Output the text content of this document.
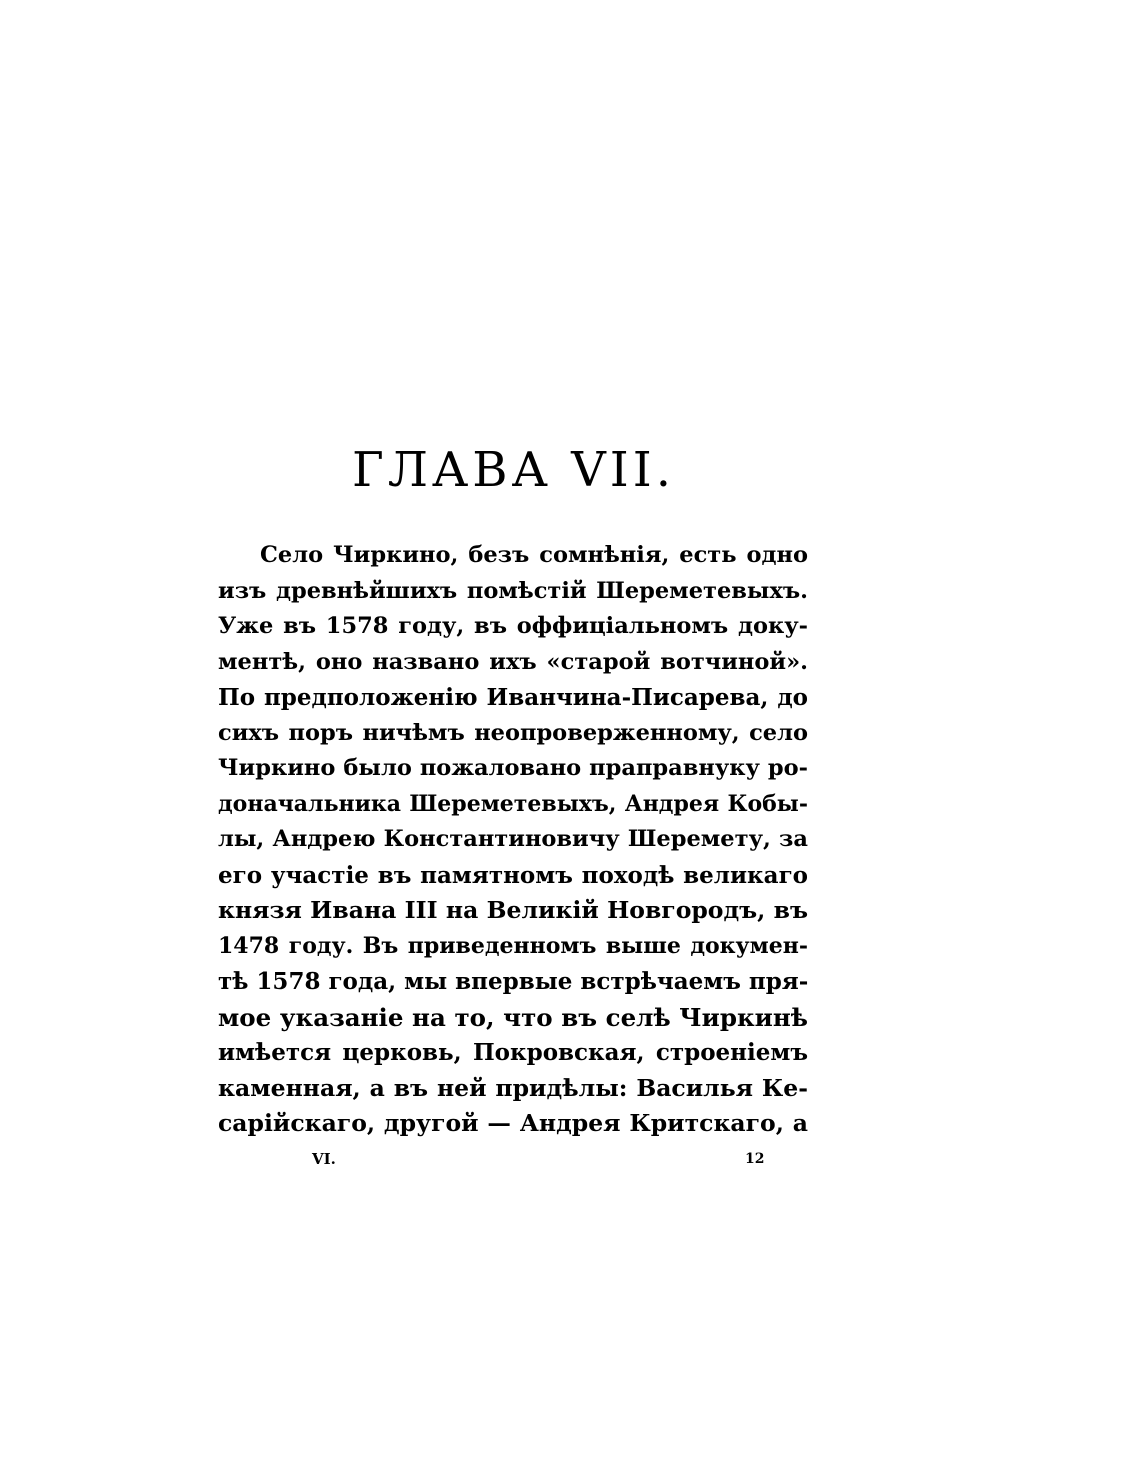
ГЛАВА VII.
Село Чиркино, безъ сомнѣнія, есть одно
изъ древнѣйшихъ помѣстій Шереметевыхъ.
Уже въ 1578 году, въ оффиціальномъ доку-
ментѣ, оно названо ихъ «старой вотчиной».
По предположенію Иванчина-Писарева, до
сихъ поръ ничѣмъ неопроверженному, село
Чиркино было пожаловано праправнуку ро-
доначальника Шереметевыхъ, Андрея Кобы-
лы, Андрею Константиновичу Шеремету, за
его участіе въ памятномъ походѣ великаго
князя Ивана III на Великій Новгородъ, въ
1478 году. Въ приведенномъ выше докумен-
тѣ 1578 года, мы впервые встрѣчаемъ пря-
мое указаніе на то, что въ селѣ Чиркинѣ
имѣется церковь, Покровская, строеніемъ
каменная, а въ ней придѣлы: Василья Ке-
сарійскаго, другой — Андрея Критскаго, а
VI.	12
